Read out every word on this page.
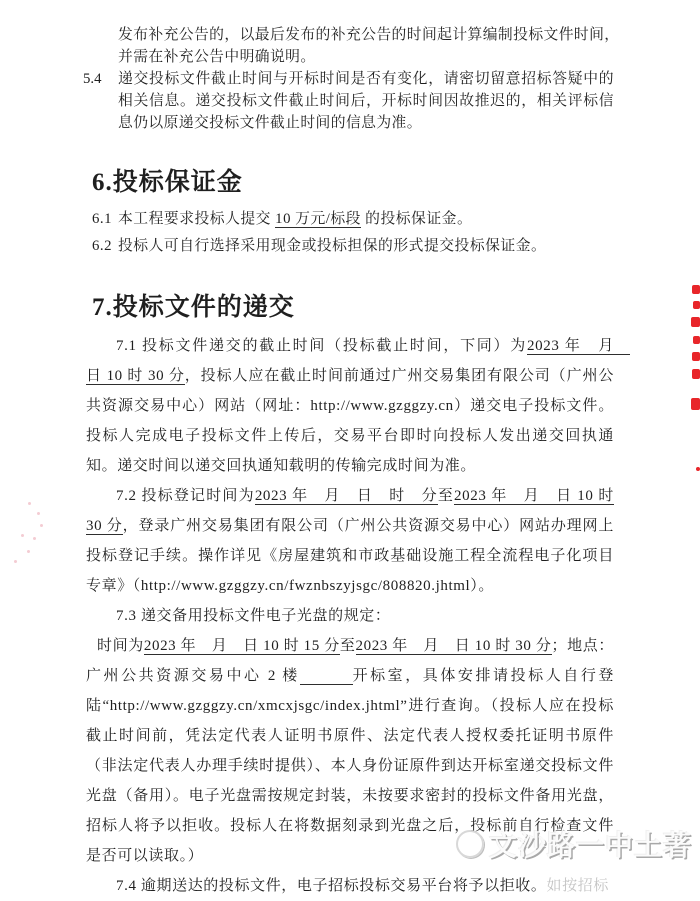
发布补充公告的，以最后发布的补充公告的时间起计算编制投标文件时间，
并需在补充公告中明确说明。
5.4	递交投标文件截止时间与开标时间是否有变化，请密切留意招标答疑中的相关信息。递交投标文件截止时间后，开标时间因故推迟的，相关评标信息仍以原递交投标文件截止时间的信息为准。
6.投标保证金
6.1 本工程要求投标人提交 10 万元/标段 的投标保证金。
6.2 投标人可自行选择采用现金或投标担保的形式提交投标保证金。
7.投标文件的递交

7.1 投标文件递交的截止时间（投标截止时间，下同）为2023 年　月　日 10 时 30 分，投标人应在截止时间前通过广州交易集团有限公司（广州公共资源交易中心）网站（网址：http://www.gzggzy.cn）递交电子投标文件。投标人完成电子投标文件上传后，交易平台即时向投标人发出递交回执通知。递交时间以递交回执通知载明的传输完成时间为准。

7.2 投标登记时间为2023 年　月　日　时　分至2023 年　月　日 10 时 30 分，登录广州交易集团有限公司（广州公共资源交易中心）网站办理网上投标登记手续。操作详见《房屋建筑和市政基础设施工程全流程电子化项目专章》（http://www.gzggzy.cn/fwznbszyjsgc/808820.jhtml）。

7.3 递交备用投标文件电子光盘的规定：

时间为2023 年　月　日 10 时 15 分至2023 年　月　日 10 时 30 分；地点：广州公共资源交易中心 2 楼　　　	开标室，具体安排请投标人自行登陆“http://www.gzggzy.cn/xmcxjsgc/index.jhtml”进行查询。（投标人应在投标截止时间前，凭法定代表人证明书原件、法定代表人授权委托证明书原件（非法定代表人办理手续时提供）、本人身份证原件到达开标室递交投标文件光盘（备用）。电子光盘需按规定封装，未按要求密封的投标文件备用光盘，招标人将予以拒收。投标人在将数据刻录到光盘之后，投标前自行检查文件是否可以读取。）

7.4 逾期送达的投标文件，电子招标投标交易平台将予以拒收。如按招标

文沙路一中土著
